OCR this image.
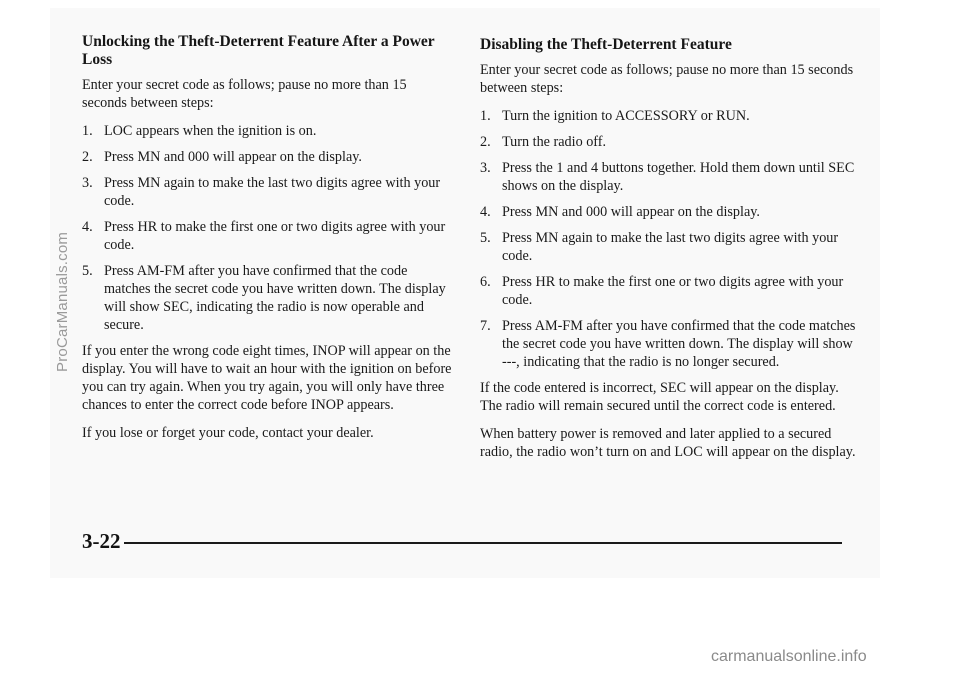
Unlocking the Theft-Deterrent Feature After a Power Loss

Enter your secret code as follows; pause no more than 15 seconds between steps:

1. LOC appears when the ignition is on.
2. Press MN and 000 will appear on the display.
3. Press MN again to make the last two digits agree with your code.
4. Press HR to make the first one or two digits agree with your code.
5. Press AM-FM after you have confirmed that the code matches the secret code you have written down. The display will show SEC, indicating the radio is now operable and secure.

If you enter the wrong code eight times, INOP will appear on the display. You will have to wait an hour with the ignition on before you can try again. When you try again, you will only have three chances to enter the correct code before INOP appears.

If you lose or forget your code, contact your dealer.

Disabling the Theft-Deterrent Feature

Enter your secret code as follows; pause no more than 15 seconds between steps:

1. Turn the ignition to ACCESSORY or RUN.
2. Turn the radio off.
3. Press the 1 and 4 buttons together. Hold them down until SEC shows on the display.
4. Press MN and 000 will appear on the display.
5. Press MN again to make the last two digits agree with your code.
6. Press HR to make the first one or two digits agree with your code.
7. Press AM-FM after you have confirmed that the code matches the secret code you have written down. The display will show ---, indicating that the radio is no longer secured.

If the code entered is incorrect, SEC will appear on the display. The radio will remain secured until the correct code is entered.

When battery power is removed and later applied to a secured radio, the radio won’t turn on and LOC will appear on the display.

3-22
ProCarManuals.com
carmanualsonline.info
